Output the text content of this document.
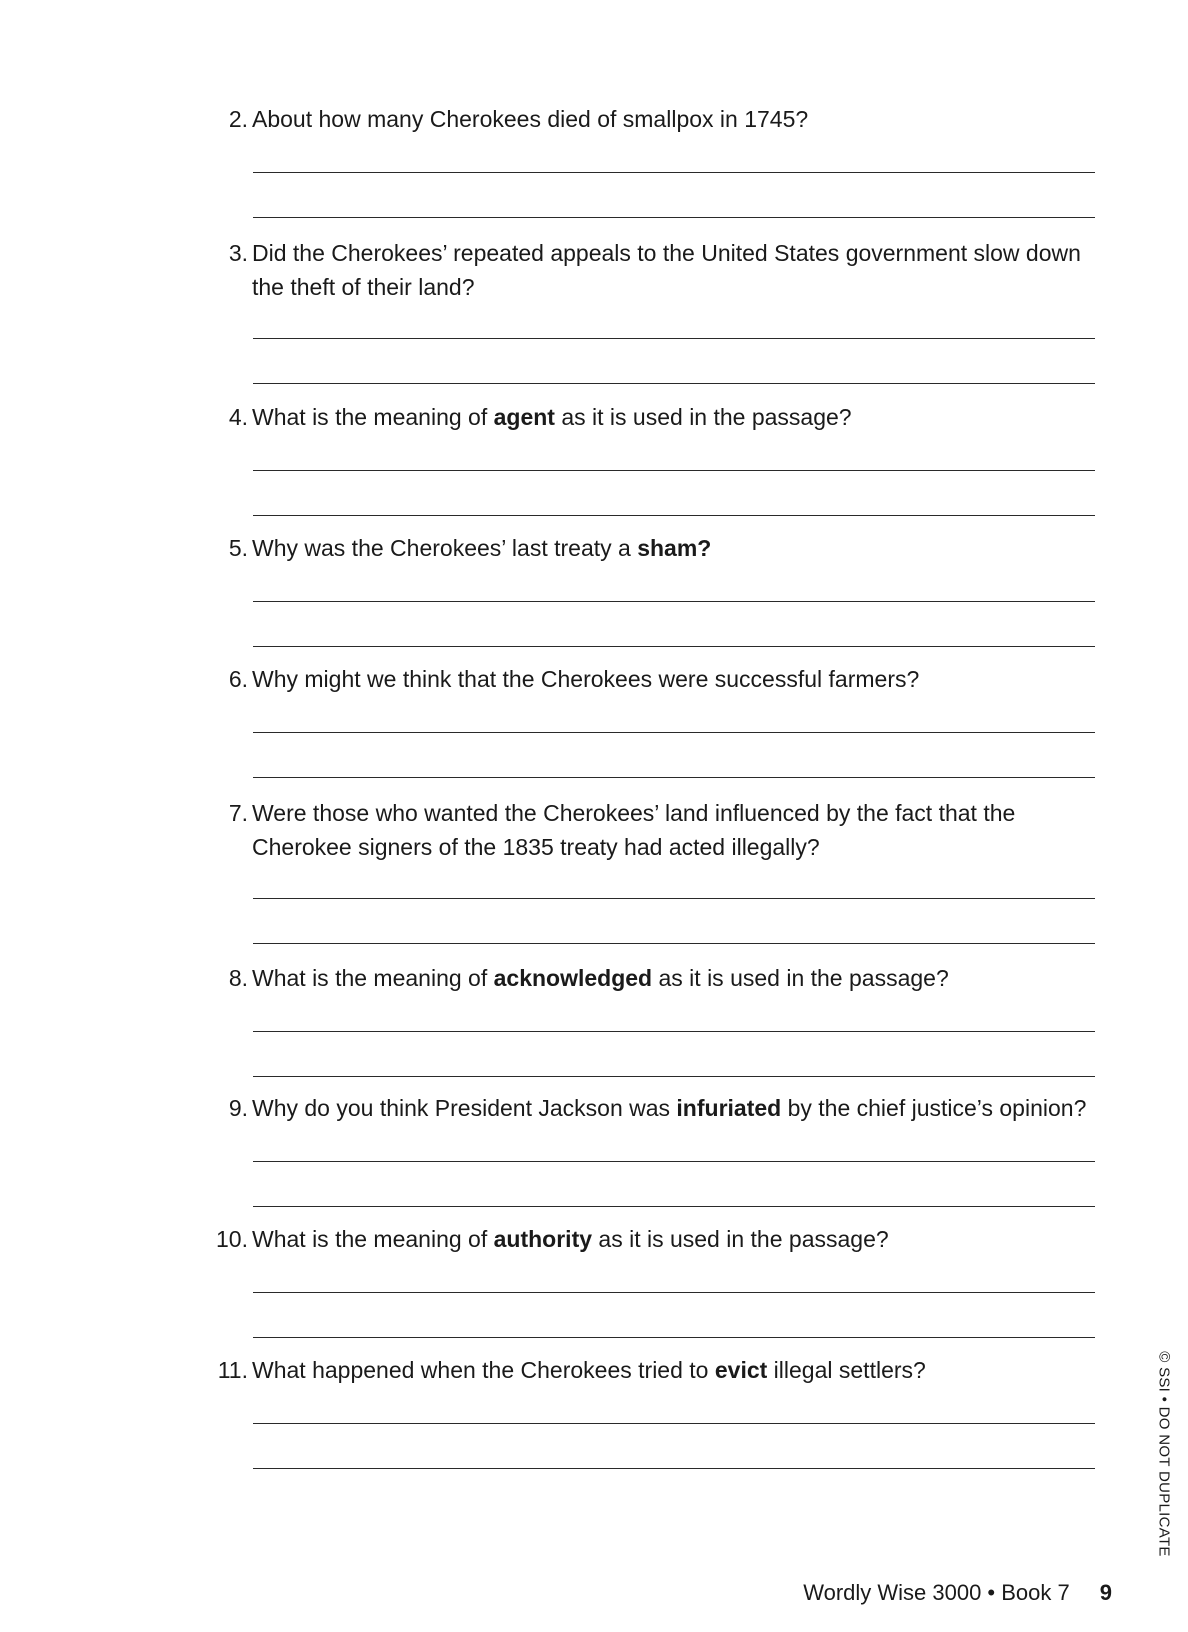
2. About how many Cherokees died of smallpox in 1745?
3. Did the Cherokees’ repeated appeals to the United States government slow down the theft of their land?
4. What is the meaning of agent as it is used in the passage?
5. Why was the Cherokees’ last treaty a sham?
6. Why might we think that the Cherokees were successful farmers?
7. Were those who wanted the Cherokees’ land influenced by the fact that the Cherokee signers of the 1835 treaty had acted illegally?
8. What is the meaning of acknowledged as it is used in the passage?
9. Why do you think President Jackson was infuriated by the chief justice’s opinion?
10. What is the meaning of authority as it is used in the passage?
11. What happened when the Cherokees tried to evict illegal settlers?	© SSI • DO NOT DUPLICATE
Wordly Wise 3000 • Book 7 9
